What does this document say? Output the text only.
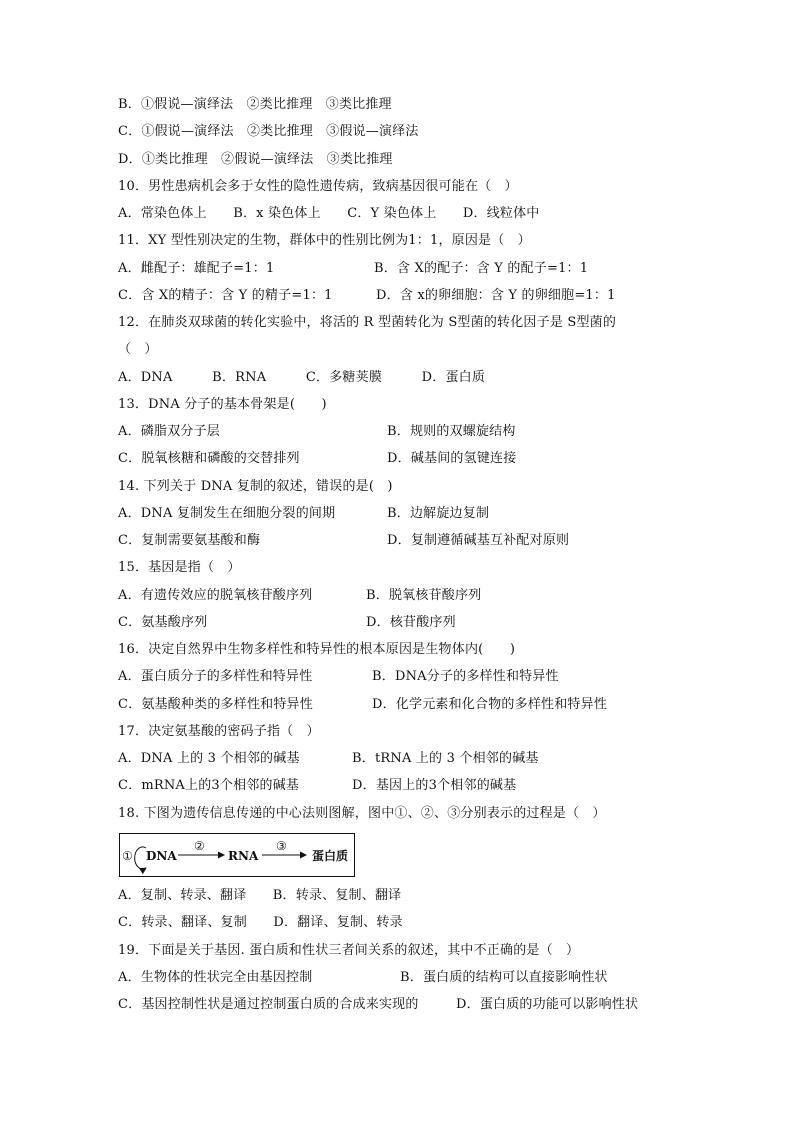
B．①假说—演绎法　②类比推理　③类比推理
C．①假说—演绎法　②类比推理　③假说—演绎法
D．①类比推理　②假说—演绎法　③类比推理
10．男性患病机会多于女性的隐性遗传病，致病基因很可能在（　）
A．常染色体上　　B．x 染色体上　　C．Y 染色体上　　D．线粒体中
11．XY 型性别决定的生物，群体中的性别比例为1：1，原因是（　）
A．雌配子：雄配子=1：1	B．含 X的配子：含 Y 的配子=1：1
C．含 X的精子：含 Y 的精子=1：1	D．含 x的卵细胞：含 Y 的卵细胞=1：1
12．在肺炎双球菌的转化实验中，将活的 R 型菌转化为 S型菌的转化因子是 S型菌的
（　）
A．DNA　　　B．RNA　　　C．多糖荚膜　　　D．蛋白质
13．DNA 分子的基本骨架是(　　)
A．磷脂双分子层	B．规则的双螺旋结构
C．脱氧核糖和磷酸的交替排列	D．碱基间的氢键连接
14. 下列关于 DNA 复制的叙述，错误的是(　)
A．DNA 复制发生在细胞分裂的间期	B．边解旋边复制
C．复制需要氨基酸和酶	D．复制遵循碱基互补配对原则
15．基因是指（　）
A．有遗传效应的脱氧核苷酸序列	B．脱氧核苷酸序列
C．氨基酸序列	D．核苷酸序列
16．决定自然界中生物多样性和特异性的根本原因是生物体内(　　)
A．蛋白质分子的多样性和特异性	B．DNA分子的多样性和特异性
C．氨基酸种类的多样性和特异性	D．化学元素和化合物的多样性和特异性
17．决定氨基酸的密码子指（　）
A．DNA 上的 3 个相邻的碱基	B．tRNA 上的 3 个相邻的碱基
C．mRNA上的3个相邻的碱基	D．基因上的3个相邻的碱基
18. 下图为遗传信息传递的中心法则图解，图中①、②、③分别表示的过程是（　）
① DNA
②
RNA
③
蛋白质
A．复制、转录、翻译　　B．转录、复制、翻译
C．转录、翻译、复制　　D．翻译、复制、转录
19．下面是关于基因. 蛋白质和性状三者间关系的叙述，其中不正确的是（　）
A．生物体的性状完全由基因控制	B．蛋白质的结构可以直接影响性状
C．基因控制性状是通过控制蛋白质的合成来实现的	D．蛋白质的功能可以影响性状
